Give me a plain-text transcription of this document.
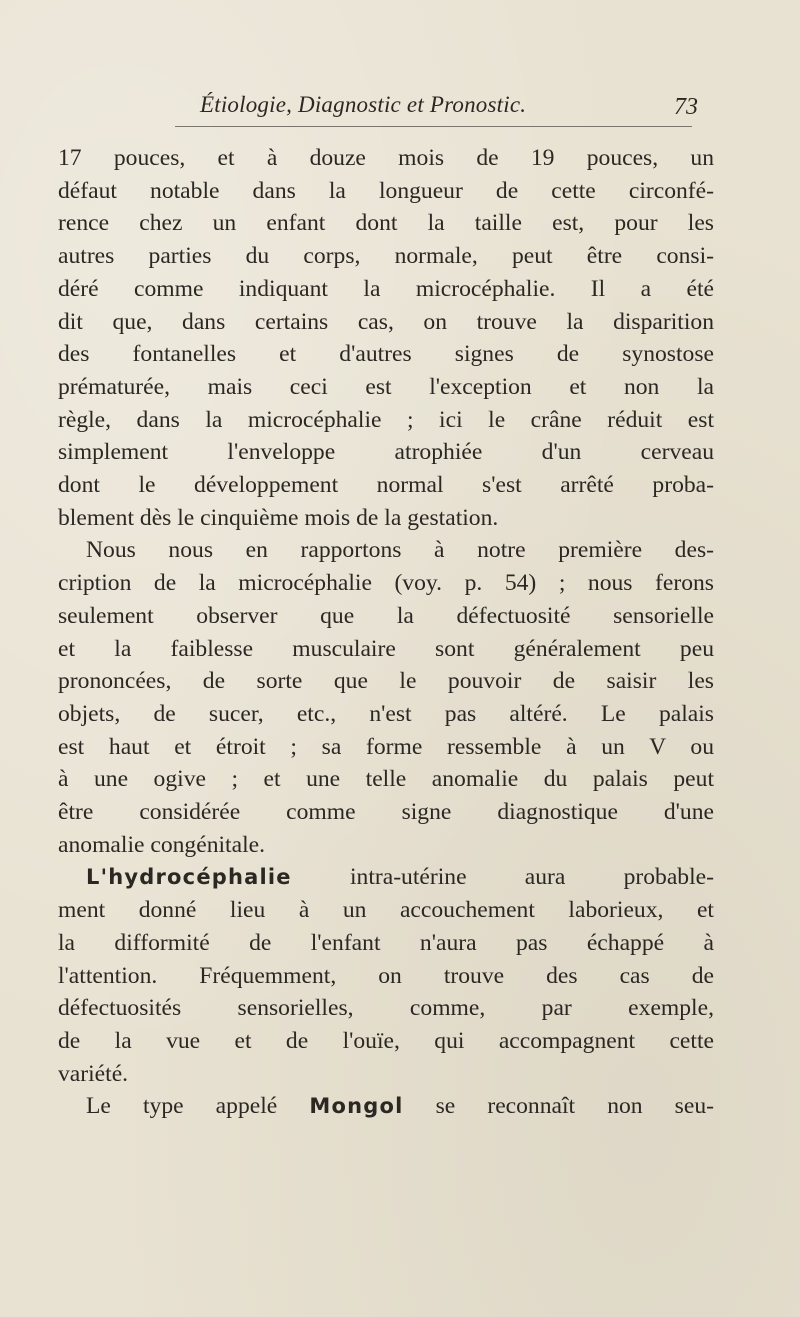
Étiologie, Diagnostic et Pronostic.	73
17 pouces, et à douze mois de 19 pouces, un
défaut notable dans la longueur de cette circonfé-
rence chez un enfant dont la taille est, pour les
autres parties du corps, normale, peut être consi-
déré comme indiquant la microcéphalie. Il a été
dit que, dans certains cas, on trouve la disparition
des fontanelles et d'autres signes de synostose
prématurée, mais ceci est l'exception et non la
règle, dans la microcéphalie ; ici le crâne réduit est
simplement l'enveloppe atrophiée d'un cerveau
dont le développement normal s'est arrêté proba-
blement dès le cinquième mois de la gestation.
Nous nous en rapportons à notre première des-
cription de la microcéphalie (voy. p. 54) ; nous ferons
seulement observer que la défectuosité sensorielle
et la faiblesse musculaire sont généralement peu
prononcées, de sorte que le pouvoir de saisir les
objets, de sucer, etc., n'est pas altéré. Le palais
est haut et étroit ; sa forme ressemble à un V ou
à une ogive ; et une telle anomalie du palais peut
être considérée comme signe diagnostique d'une
anomalie congénitale.
L'hydrocéphalie intra-utérine aura probable-
ment donné lieu à un accouchement laborieux, et
la difformité de l'enfant n'aura pas échappé à
l'attention. Fréquemment, on trouve des cas de
défectuosités sensorielles, comme, par exemple,
de la vue et de l'ouïe, qui accompagnent cette
variété.
Le type appelé Mongol se reconnaît non seu-
